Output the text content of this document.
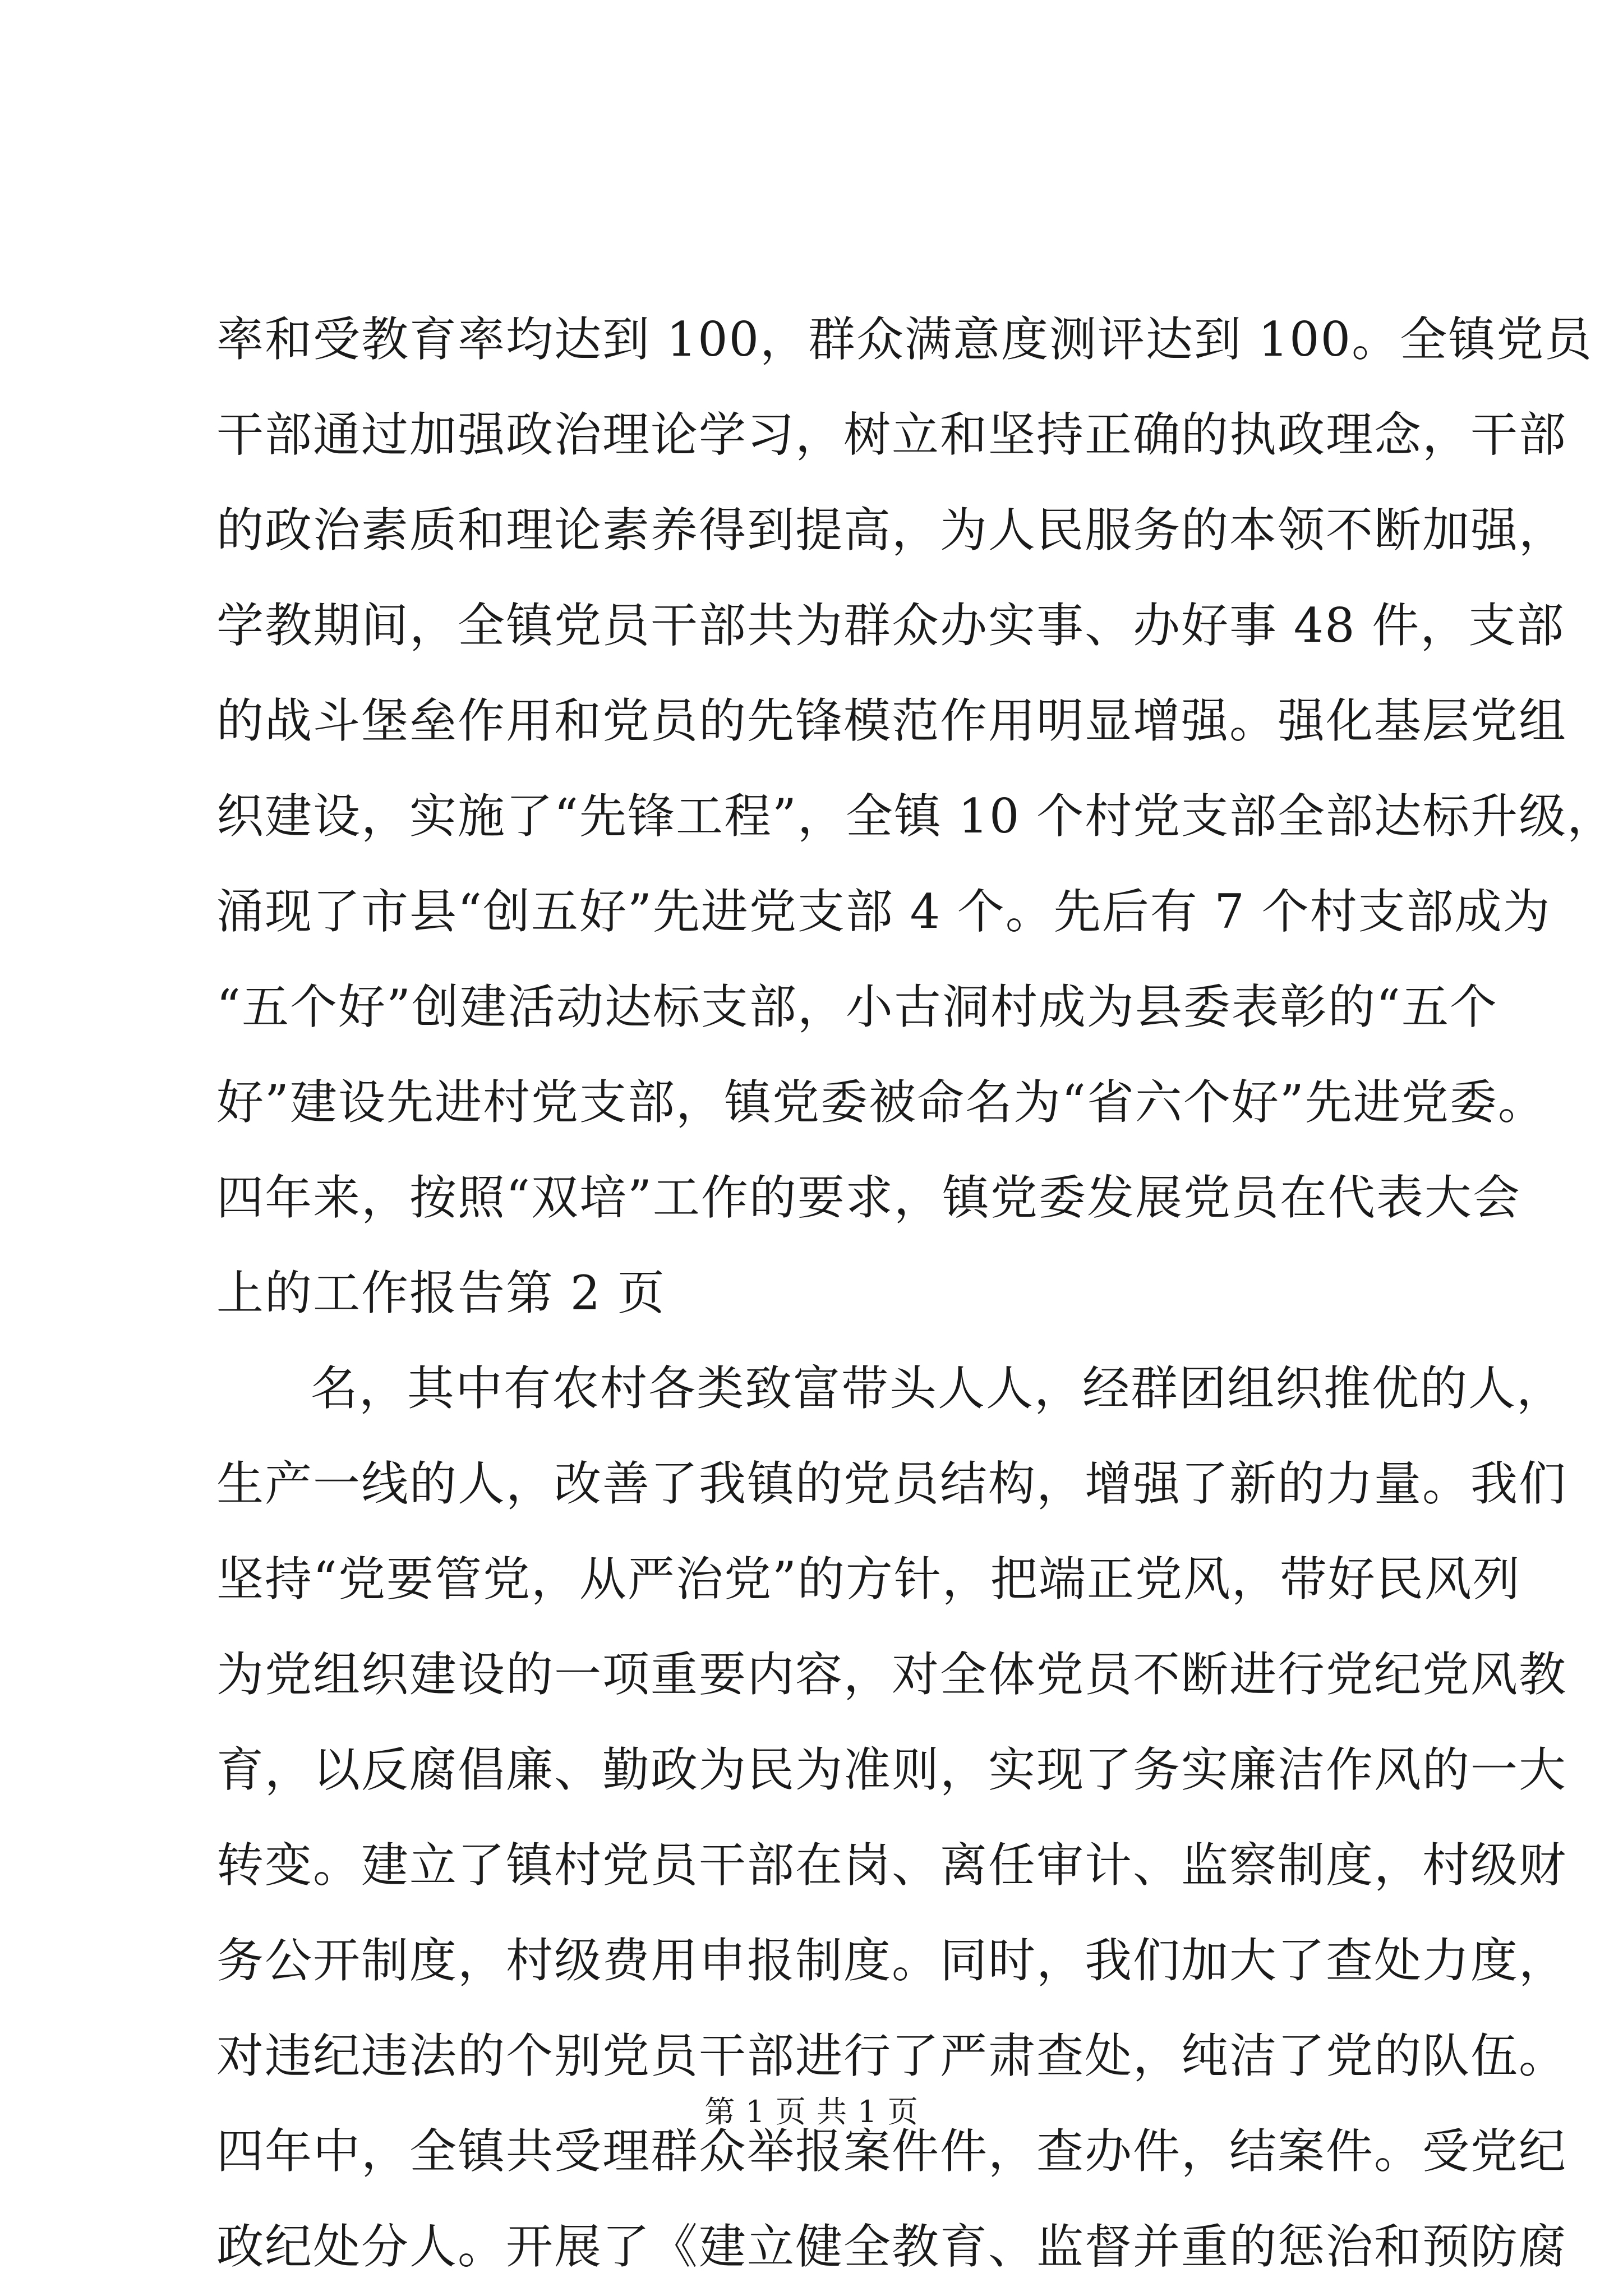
率和受教育率均达到 100，群众满意度测评达到 100。全镇党员
干部通过加强政治理论学习，树立和坚持正确的执政理念，干部
的政治素质和理论素养得到提高，为人民服务的本领不断加强，
学教期间，全镇党员干部共为群众办实事、办好事 48 件，支部
的战斗堡垒作用和党员的先锋模范作用明显增强。强化基层党组
织建设，实施了“先锋工程”，全镇 10 个村党支部全部达标升级，
涌现了市县“创五好”先进党支部 4 个。先后有 7 个村支部成为
“五个好”创建活动达标支部，小古洞村成为县委表彰的“五个
好”建设先进村党支部，镇党委被命名为“省六个好”先进党委。
四年来，按照“双培”工作的要求，镇党委发展党员在代表大会
上的工作报告第 2 页
名，其中有农村各类致富带头人人，经群团组织推优的人，
生产一线的人，改善了我镇的党员结构，增强了新的力量。我们
坚持“党要管党，从严治党”的方针，把端正党风，带好民风列
为党组织建设的一项重要内容，对全体党员不断进行党纪党风教
育，以反腐倡廉、勤政为民为准则，实现了务实廉洁作风的一大
转变。建立了镇村党员干部在岗、离任审计、监察制度，村级财
务公开制度，村级费用申报制度。同时，我们加大了查处力度，
对违纪违法的个别党员干部进行了严肃查处，纯洁了党的队伍。
四年中，全镇共受理群众举报案件件，查办件，结案件。受党纪
政纪处分人。开展了《建立健全教育、监督并重的惩治和预防腐
第 1 页 共 1 页
